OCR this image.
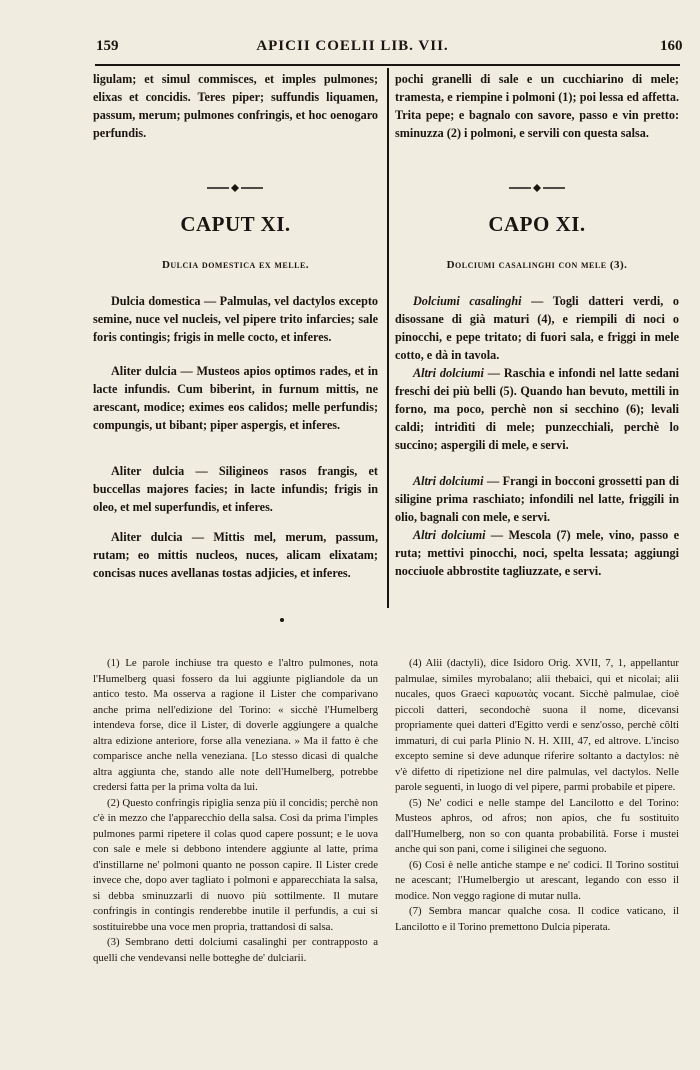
159	APICII COELII LIB. VII.	160

ligulam; et simul commisces, et imples pulmones; elixas et concidis. Teres piper; suffundis liquamen, passum, merum; pulmones confringis, et hoc oenogaro perfundis.

CAPUT XI.
Dulcia domestica ex melle.

Dulcia domestica — Palmulas, vel dactylos excepto semine, nuce vel nucleis, vel pipere trito infarcies; sale foris contingis; frigis in melle cocto, et inferes.

Aliter dulcia — Musteos apios optimos rades, et in lacte infundis. Cum biberint, in furnum mittis, ne arescant, modice; eximes eos calidos; melle perfundis; compungis, ut bibant; piper aspergis, et inferes.

Aliter dulcia — Siligineos rasos frangis, et buccellas majores facies; in lacte infundis; frigis in oleo, et mel superfundis, et inferes.

Aliter dulcia — Mittis mel, merum, passum, rutam; eo mittis nucleos, nuces, alicam elixatam; concisas nuces avellanas tostas adjicies, et inferes.

pochi granelli di sale e un cucchiarino di mele; tramesta, e riempine i polmoni (1); poi lessa ed affetta. Trita pepe; e bagnalo con savore, passo e vin pretto: sminuzza (2) i polmoni, e servili con questa salsa.

CAPO XI.
Dolciumi casalinghi con mele (3).

Dolciumi casalinghi — Togli datteri verdi, o disossane di già maturi (4), e riempili di noci o pinocchi, e pepe tritato; di fuori sala, e friggi in mele cotto, e dà in tavola.

Altri dolciumi — Raschia e infondi nel latte sedani freschi dei più belli (5). Quando han bevuto, mettili in forno, ma poco, perchè non si secchino (6); levali caldi; intridìti di mele; punzecchiali, perchè lo succino; aspergili di mele, e servi.

Altri dolciumi — Frangi in bocconi grossetti pan di siligine prima raschiato; infondili nel latte, friggili in olio, bagnali con mele, e servi.

Altri dolciumi — Mescola (7) mele, vino, passo e ruta; mettivi pinocchi, noci, spelta lessata; aggiungi nocciuole abbrostite tagliuzzate, e servi.

(1) Le parole inchiuse tra questo e l'altro pulmones, nota l'Humelberg quasi fossero da lui aggiunte pigliandole da un antico testo. Ma osserva a ragione il Lister che comparivano anche prima nell'edizione del Torino: « sicchè l'Humelberg intendeva forse, dice il Lister, di doverle aggiungere a qualche altra edizione anteriore, forse alla veneziana. » Ma il fatto è che comparisce anche nella veneziana. [Lo stesso dicasi di qualche altra aggiunta che, stando alle note dell'Humelberg, potrebbe credersi fatta per la prima volta da lui.

(2) Questo confringis ripiglia senza più il concidis; perchè non c'è in mezzo che l'apparecchio della salsa. Così da prima l'imples pulmones parmi ripetere il colas quod capere possunt; e le uova con sale e mele si debbono intendere aggiunte al latte, prima d'instillarne ne' polmoni quanto ne posson capire. Il Lister crede invece che, dopo aver tagliato i polmoni e apparecchiata la salsa, si debba sminuzzarli di nuovo più sottilmente. Il mutare confringis in contingis renderebbe inutile il perfundis, a cui si sostituirebbe una voce men propria, trattandosi di salsa.

(3) Sembrano detti dolciumi casalinghi per contrapposto a quelli che vendevansi nelle botteghe de' dulciarii.

(4) Alii (dactyli), dice Isidoro Orig. XVII, 7, 1, appellantur palmulae, similes myrobalano; alii thebaici, qui et nicolai; alii nucales, quos Graeci καρυωτὰς vocant. Sicchè palmulae, cioè piccoli datteri, secondochè suona il nome, dicevansi propriamente quei datteri d'Egitto verdi e senz'osso, perchè côlti immaturi, di cui parla Plinio N. H. XIII, 47, ed altrove. L'inciso excepto semine si deve adunque riferire soltanto a dactylos: nè v'è difetto di ripetizione nel dire palmulas, vel dactylos. Nelle parole seguenti, in luogo di vel pipere, parmi probabile et pipere.

(5) Ne' codici e nelle stampe del Lancilotto e del Torino: Musteos aphros, od afros; non apios, che fu sostituito dall'Humelberg, non so con quanta probabilità. Forse i mustei anche qui son pani, come i siliginei che seguono.

(6) Così è nelle antiche stampe e ne' codici. Il Torino sostituì ne acescant; l'Humelbergio ut arescant, legando con esso il modice. Non veggo ragione di mutar nulla.

(7) Sembra mancar qualche cosa. Il codice vaticano, il Lancilotto e il Torino premettono Dulcia piperata.
